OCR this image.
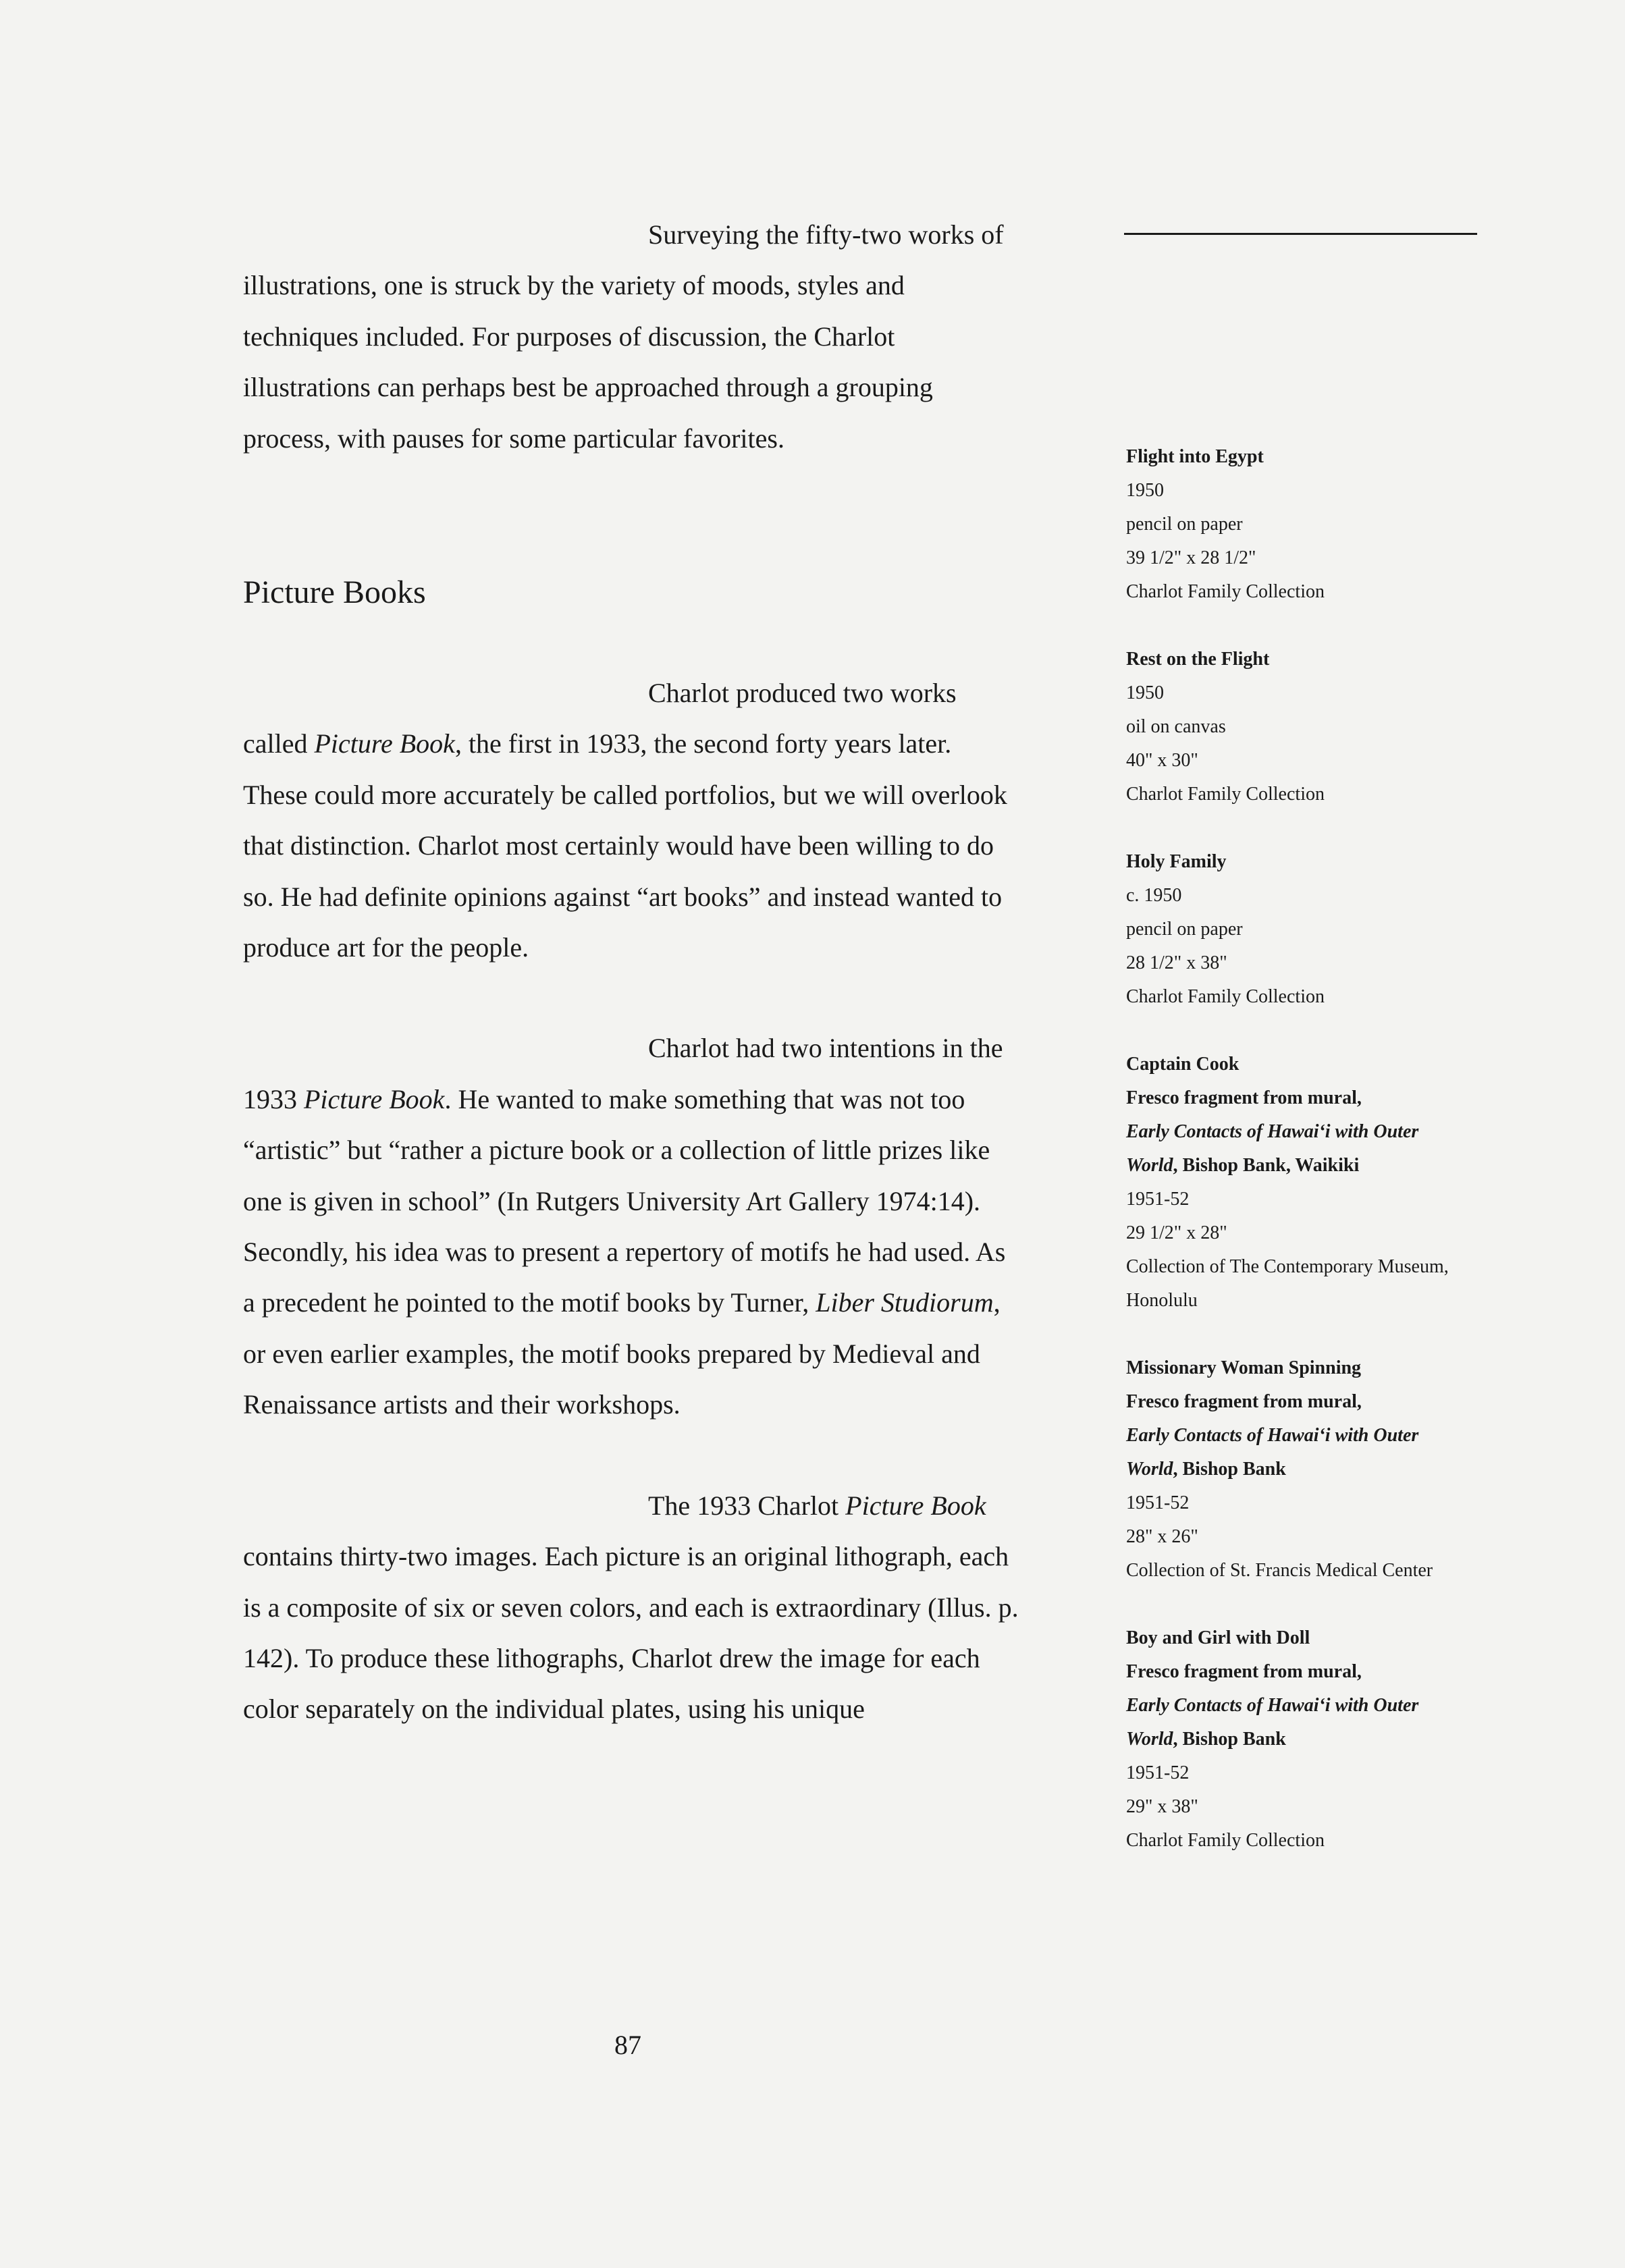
Surveying the fifty-two works of illustrations, one is struck by the variety of moods, styles and techniques included. For purposes of discussion, the Charlot illustrations can perhaps best be approached through a grouping process, with pauses for some particular favorites.

Picture Books

Charlot produced two works called Picture Book, the first in 1933, the second forty years later. These could more accurately be called portfolios, but we will overlook that distinction. Charlot most certainly would have been willing to do so. He had definite opinions against “art books” and instead wanted to produce art for the people.

Charlot had two intentions in the 1933 Picture Book. He wanted to make something that was not too “artistic” but “rather a picture book or a collection of little prizes like one is given in school” (In Rutgers University Art Gallery 1974:14). Secondly, his idea was to present a repertory of motifs he had used. As a precedent he pointed to the motif books by Turner, Liber Studiorum, or even earlier examples, the motif books prepared by Medieval and Renaissance artists and their workshops.

The 1933 Charlot Picture Book contains thirty-two images. Each picture is an original lithograph, each is a composite of six or seven colors, and each is extraordinary (Illus. p. 142). To produce these lithographs, Charlot drew the image for each color separately on the individual plates, using his unique

Flight into Egypt
1950
pencil on paper
39 1/2" x 28 1/2"
Charlot Family Collection
Rest on the Flight
1950
oil on canvas
40" x 30"
Charlot Family Collection
Holy Family
c. 1950
pencil on paper
28 1/2" x 38"
Charlot Family Collection
Captain Cook
Fresco fragment from mural,
Early Contacts of Hawai‘i with Outer World, Bishop Bank, Waikiki
1951-52
29 1/2" x 28"
Collection of The Contemporary Museum, Honolulu
Missionary Woman Spinning
Fresco fragment from mural,
Early Contacts of Hawai‘i with Outer World, Bishop Bank
1951-52
28" x 26"
Collection of St. Francis Medical Center
Boy and Girl with Doll
Fresco fragment from mural,
Early Contacts of Hawai‘i with Outer World, Bishop Bank
1951-52
29" x 38"
Charlot Family Collection
87
